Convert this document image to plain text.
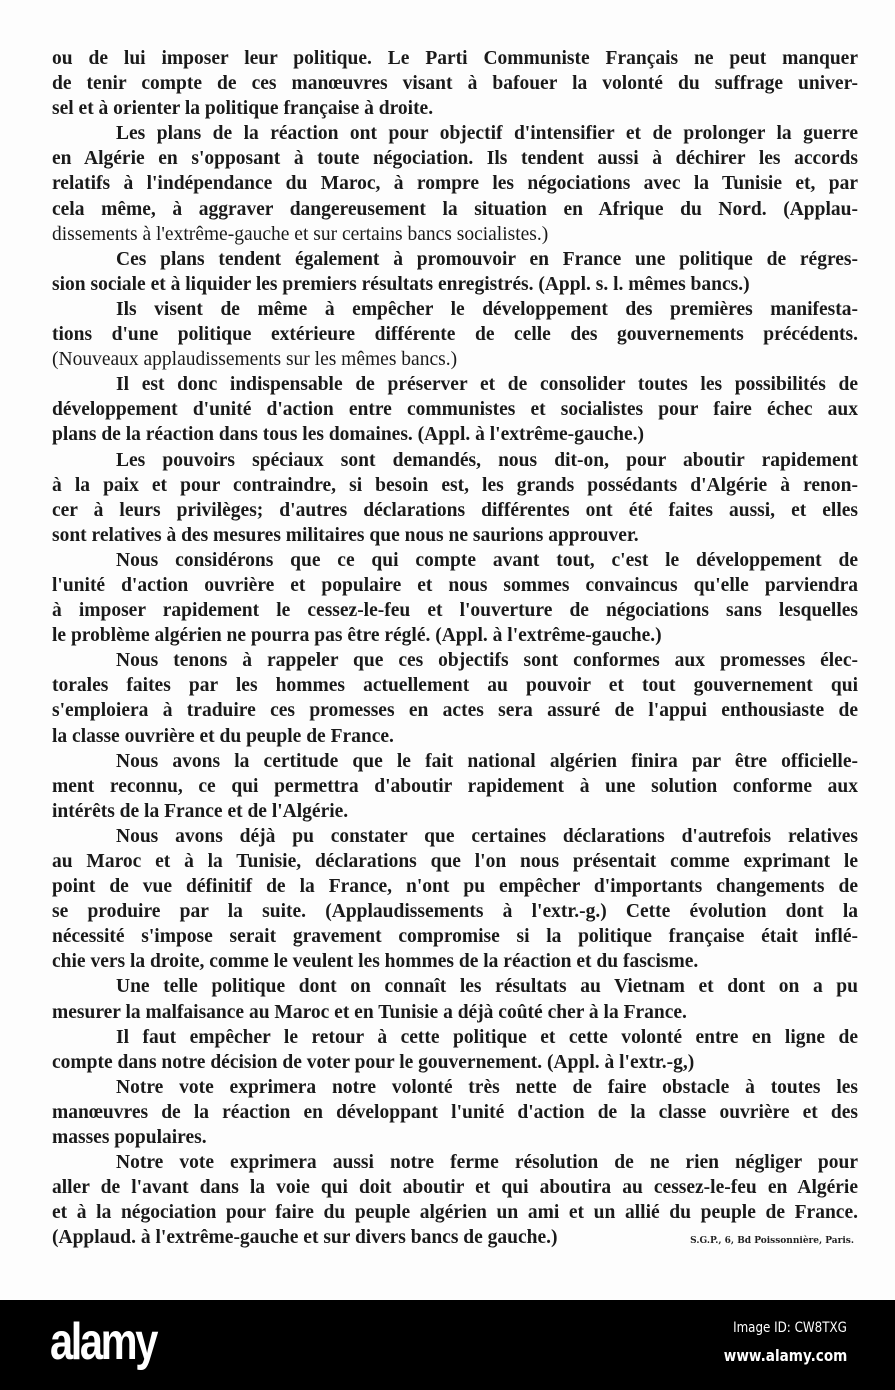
ou de lui imposer leur politique. Le Parti Communiste Français ne peut manquer
de tenir compte de ces manœuvres visant à bafouer la volonté du suffrage univer-
sel et à orienter la politique française à droite.
Les plans de la réaction ont pour objectif d'intensifier et de prolonger la guerre
en Algérie en s'opposant à toute négociation. Ils tendent aussi à déchirer les accords
relatifs à l'indépendance du Maroc, à rompre les négociations avec la Tunisie et, par
cela même, à aggraver dangereusement la situation en Afrique du Nord. (Applau-
dissements à l'extrême-gauche et sur certains bancs socialistes.)
Ces plans tendent également à promouvoir en France une politique de régres-
sion sociale et à liquider les premiers résultats enregistrés. (Appl. s. l. mêmes bancs.)
Ils visent de même à empêcher le développement des premières manifesta-
tions d'une politique extérieure différente de celle des gouvernements précédents.
(Nouveaux applaudissements sur les mêmes bancs.)
Il est donc indispensable de préserver et de consolider toutes les possibilités de
développement d'unité d'action entre communistes et socialistes pour faire échec aux
plans de la réaction dans tous les domaines. (Appl. à l'extrême-gauche.)
Les pouvoirs spéciaux sont demandés, nous dit-on, pour aboutir rapidement
à la paix et pour contraindre, si besoin est, les grands possédants d'Algérie à renon-
cer à leurs privilèges; d'autres déclarations différentes ont été faites aussi, et elles
sont relatives à des mesures militaires que nous ne saurions approuver.
Nous considérons que ce qui compte avant tout, c'est le développement de
l'unité d'action ouvrière et populaire et nous sommes convaincus qu'elle parviendra
à imposer rapidement le cessez-le-feu et l'ouverture de négociations sans lesquelles
le problème algérien ne pourra pas être réglé. (Appl. à l'extrême-gauche.)
Nous tenons à rappeler que ces objectifs sont conformes aux promesses élec-
torales faites par les hommes actuellement au pouvoir et tout gouvernement qui
s'emploiera à traduire ces promesses en actes sera assuré de l'appui enthousiaste de
la classe ouvrière et du peuple de France.
Nous avons la certitude que le fait national algérien finira par être officielle-
ment reconnu, ce qui permettra d'aboutir rapidement à une solution conforme aux
intérêts de la France et de l'Algérie.
Nous avons déjà pu constater que certaines déclarations d'autrefois relatives
au Maroc et à la Tunisie, déclarations que l'on nous présentait comme exprimant le
point de vue définitif de la France, n'ont pu empêcher d'importants changements de
se produire par la suite. (Applaudissements à l'extr.-g.) Cette évolution dont la
nécessité s'impose serait gravement compromise si la politique française était inflé-
chie vers la droite, comme le veulent les hommes de la réaction et du fascisme.
Une telle politique dont on connaît les résultats au Vietnam et dont on a pu
mesurer la malfaisance au Maroc et en Tunisie a déjà coûté cher à la France.
Il faut empêcher le retour à cette politique et cette volonté entre en ligne de
compte dans notre décision de voter pour le gouvernement. (Appl. à l'extr.-g,)
Notre vote exprimera notre volonté très nette de faire obstacle à toutes les
manœuvres de la réaction en développant l'unité d'action de la classe ouvrière et des
masses populaires.
Notre vote exprimera aussi notre ferme résolution de ne rien négliger pour
aller de l'avant dans la voie qui doit aboutir et qui aboutira au cessez-le-feu en Algérie
et à la négociation pour faire du peuple algérien un ami et un allié du peuple de France.
(Applaud. à l'extrême-gauche et sur divers bancs de gauche.)	S.G.P., 6, Bd Poissonnière, Paris.
alamy	Image ID: CW8TXG
www.alamy.com
